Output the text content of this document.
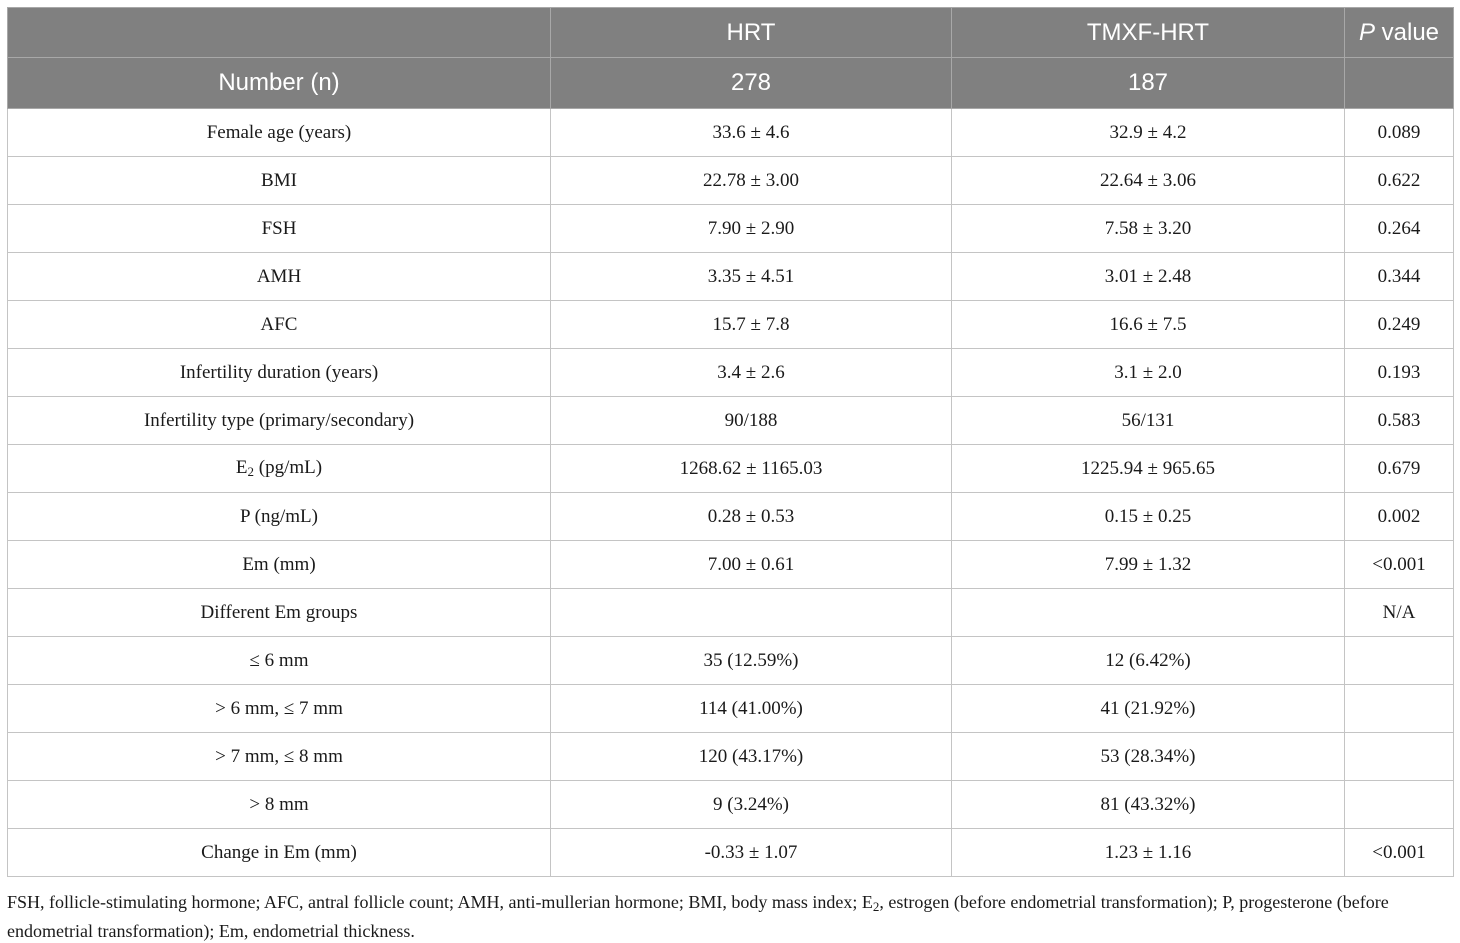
	HRT	TMXF-HRT	P value
Number (n)	278	187	
Female age (years)	33.6 ± 4.6	32.9 ± 4.2	0.089
BMI	22.78 ± 3.00	22.64 ± 3.06	0.622
FSH	7.90 ± 2.90	7.58 ± 3.20	0.264
AMH	3.35 ± 4.51	3.01 ± 2.48	0.344
AFC	15.7 ± 7.8	16.6 ± 7.5	0.249
Infertility duration (years)	3.4 ± 2.6	3.1 ± 2.0	0.193
Infertility type (primary/secondary)	90/188	56/131	0.583
$E_2$ (pg/mL)	1268.62 ± 1165.03	1225.94 ± 965.65	0.679
P (ng/mL)	0.28 ± 0.53	0.15 ± 0.25	0.002
Em (mm)	7.00 ± 0.61	7.99 ± 1.32	<0.001
Different Em groups			N/A
≤ 6 mm	35 (12.59%)	12 (6.42%)	
> 6 mm, ≤ 7 mm	114 (41.00%)	41 (21.92%)	
> 7 mm, ≤ 8 mm	120 (43.17%)	53 (28.34%)	
> 8 mm	9 (3.24%)	81 (43.32%)	
Change in Em (mm)	-0.33 ± 1.07	1.23 ± 1.16	<0.001
FSH, follicle-stimulating hormone; AFC, antral follicle count; AMH, anti-mullerian hormone; BMI, body mass index; $E_2$, estrogen (before endometrial transformation); P, progesterone (before endometrial transformation); Em, endometrial thickness.
